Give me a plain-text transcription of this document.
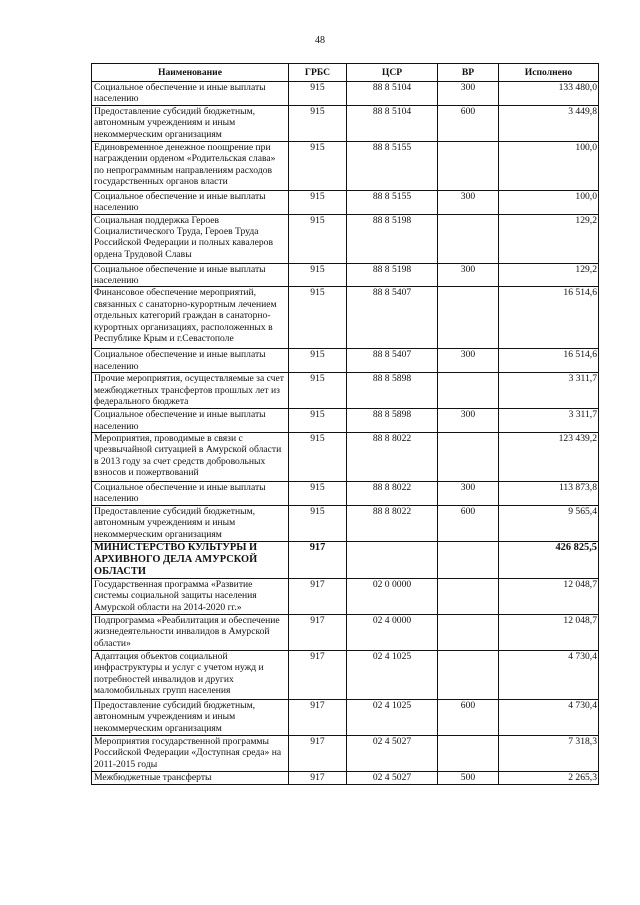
48
Наименование	ГРБС	ЦСР	ВР	Исполнено
Социальное обеспечение и иные выплаты населению	915	88 8 5104	300	133 480,0
Предоставление субсидий бюджетным, автономным учреждениям и иным некоммерческим организациям	915	88 8 5104	600	3 449,8
Единовременное денежное поощрение при награждении орденом «Родительская слава» по непрограммным направлениям расходов государственных органов власти	915	88 8 5155		100,0
Социальное обеспечение и иные выплаты населению	915	88 8 5155	300	100,0
Социальная поддержка Героев Социалистического Труда, Героев Труда Российской Федерации и полных кавалеров ордена Трудовой Славы	915	88 8 5198		129,2
Социальное обеспечение и иные выплаты населению	915	88 8 5198	300	129,2
Финансовое обеспечение мероприятий, связанных с санаторно-курортным лечением отдельных категорий граждан в санаторно-курортных организациях, расположенных в Республике Крым и г.Севастополе	915	88 8 5407		16 514,6
Социальное обеспечение и иные выплаты населению	915	88 8 5407	300	16 514,6
Прочие мероприятия, осуществляемые за счет межбюджетных трансфертов прошлых лет из федерального бюджета	915	88 8 5898		3 311,7
Социальное обеспечение и иные выплаты населению	915	88 8 5898	300	3 311,7
Мероприятия, проводимые в связи с чрезвычайной ситуацией в Амурской области в 2013 году за счет средств добровольных взносов и пожертвований	915	88 8 8022		123 439,2
Социальное обеспечение и иные выплаты населению	915	88 8 8022	300	113 873,8
Предоставление субсидий бюджетным, автономным учреждениям и иным некоммерческим организациям	915	88 8 8022	600	9 565,4
МИНИСТЕРСТВО КУЛЬТУРЫ И АРХИВНОГО ДЕЛА АМУРСКОЙ ОБЛАСТИ	917			426 825,5
Государственная программа «Развитие системы социальной защиты населения Амурской области на 2014-2020 гг.»	917	02 0 0000		12 048,7
Подпрограмма «Реабилитация и обеспечение жизнедеятельности инвалидов в Амурской области»	917	02 4 0000		12 048,7
Адаптация объектов социальной инфраструктуры и услуг с учетом нужд и потребностей инвалидов и других маломобильных групп населения	917	02 4 1025		4 730,4
Предоставление субсидий бюджетным, автономным учреждениям и иным некоммерческим организациям	917	02 4 1025	600	4 730,4
Мероприятия государственной программы Российской Федерации «Доступная среда» на 2011-2015 годы	917	02 4 5027		7 318,3
Межбюджетные трансферты	917	02 4 5027	500	2 265,3
